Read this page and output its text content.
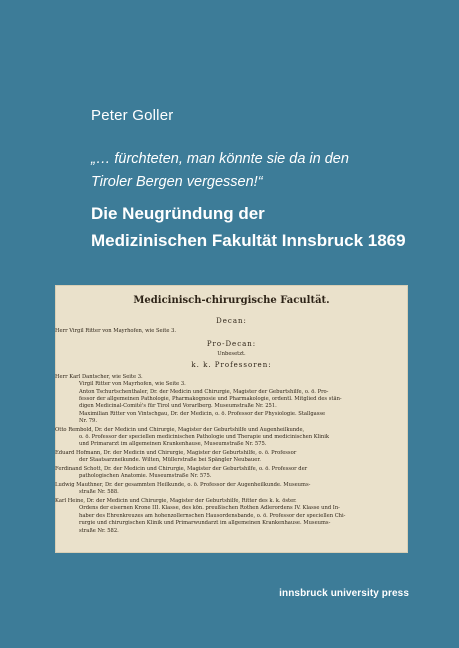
Peter Goller
„… fürchteten, man könnte sie da in den
Tiroler Bergen vergessen!“
Die Neugründung der
Medizinischen Fakultät Innsbruck 1869
Medicinisch-chirurgische Facultät.
Decan:
Herr Virgil Ritter von Mayrhofen, wie Seite 3.
Pro-Decan:
Unbesetzt.
k. k. Professoren:
Herr Karl Dantscher, wie Seite 3.
Virgil Ritter von Mayrhofen, wie Seite 3.
Anton Tschurtschenthaler, Dr. der Medicin und Chirurgie, Magister der Geburtshilfe, o. ö. Pro-
fessor der allgemeinen Pathologie, Pharmakognosie und Pharmakologie, ordentl. Mitglied des stän-
digen Medicinal-Comité's für Tirol und Vorarlberg. Museumstraße Nr. 251.
Maximilian Ritter von Vintschgau, Dr. der Medicin, o. ö. Professor der Physiologie. Stallgasse
Nr. 79.
Otto Rembold, Dr. der Medicin und Chirurgie, Magister der Geburtshilfe und Augenheilkunde,
o. ö. Professor der speciellen medicinischen Pathologie und Therapie und medicinischen Klinik
und Primararzt im allgemeinen Krankenhause, Museumstraße Nr. 575.
Eduard Hofmann, Dr. der Medicin und Chirurgie, Magister der Geburtshilfe, o. ö. Professor
der Staatsarzneikunde. Wilten, Müllerstraße bei Spängler Neubauer.
Ferdinand Schott, Dr. der Medicin und Chirurgie, Magister der Geburtshilfe, o. ö. Professor der
pathologischen Anatomie. Museumstraße Nr. 575.
Ludwig Mauthner, Dr. der gesammten Heilkunde, o. ö. Professor der Augenheilkunde. Museums-
straße Nr. 588.
Karl Heine, Dr. der Medicin und Chirurgie, Magister der Geburtshilfe, Ritter des k. k. öster.
Ordens der eisernen Krone III. Klasse, des kön. preußischen Rothen Adlerordens IV. Klasse und In-
haber des Ehrenkreuzes am hohenzollernschen Hausordensbande, o. ö. Professor der speciellen Chi-
rurgie und chirurgischen Klinik und Primarwundarzt im allgemeinen Krankenhause. Museums-
straße Nr. 582.
innsbruck university press
